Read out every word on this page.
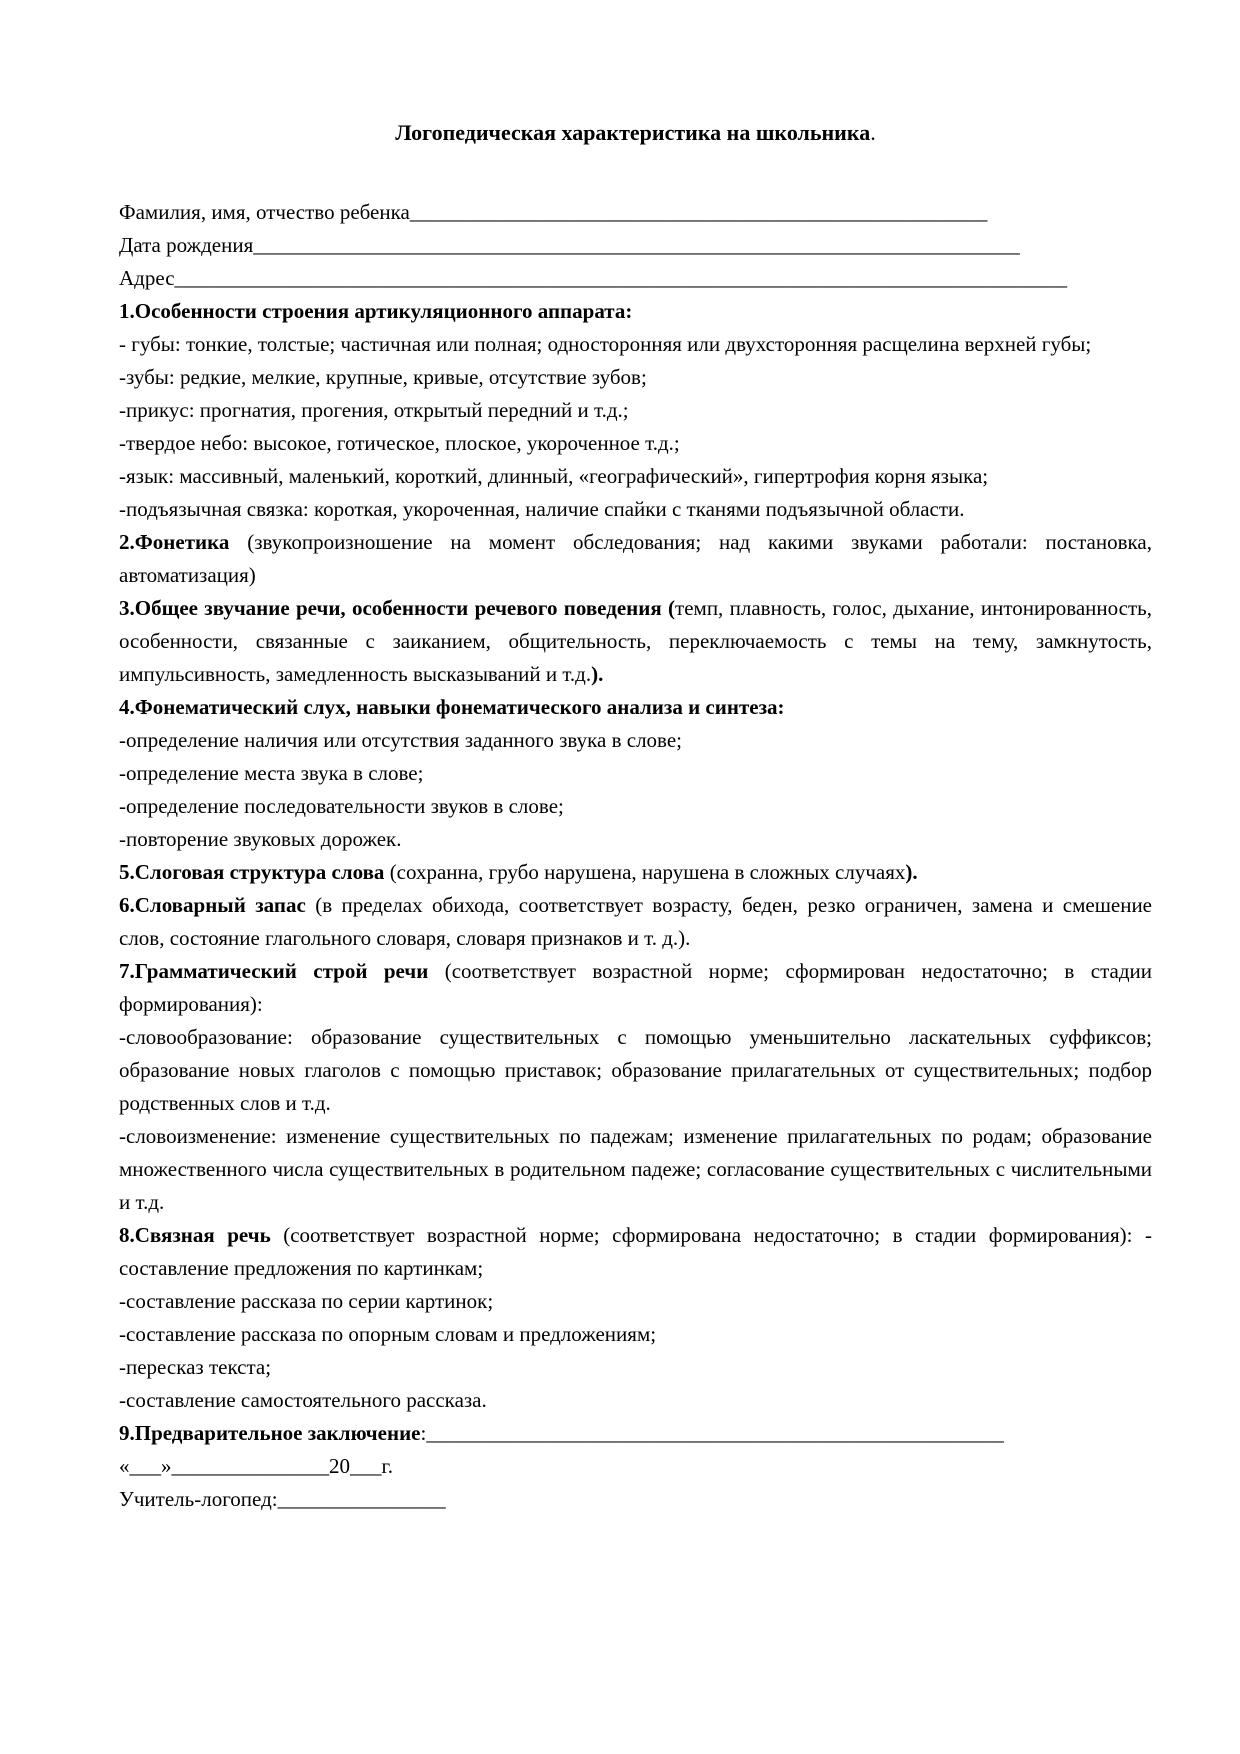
Логопедическая характеристика на школьника.

Фамилия, имя, отчество ребенка_______________________________________________________

Дата рождения_________________________________________________________________________

Адрес_____________________________________________________________________________________

1.Особенности строения артикуляционного аппарата:

- губы: тонкие, толстые; частичная или полная; односторонняя или двухсторонняя расщелина верхней губы;

-зубы: редкие, мелкие, крупные, кривые, отсутствие зубов;

-прикус: прогнатия, прогения, открытый передний и т.д.;

-твердое небо: высокое, готическое, плоское, укороченное т.д.;

-язык: массивный, маленький, короткий, длинный, «географический», гипертрофия корня языка;

-подъязычная связка: короткая, укороченная, наличие спайки с тканями подъязычной области.

2.Фонетика (звукопроизношение на момент обследования; над какими звуками работали: постановка, автоматизация)

3.Общее звучание речи, особенности речевого поведения (темп, плавность, голос, дыхание, интонированность, особенности, связанные с заиканием, общительность, переключаемость с темы на тему, замкнутость, импульсивность, замедленность высказываний и т.д.).

4.Фонематический слух, навыки фонематического анализа и синтеза:

-определение наличия или отсутствия заданного звука в слове;

-определение места звука в слове;

-определение последовательности звуков в слове;

-повторение звуковых дорожек.

5.Слоговая структура слова (сохранна, грубо нарушена, нарушена в сложных случаях).

6.Словарный запас (в пределах обихода, соответствует возрасту, беден, резко ограничен, замена и смешение слов, состояние глагольного словаря, словаря признаков и т. д.).

7.Грамматический строй речи (соответствует возрастной норме; сформирован недостаточно; в стадии формирования):

-словообразование: образование существительных с помощью уменьшительно ласкательных суффиксов; образование новых глаголов с помощью приставок; образование прилагательных от существительных; подбор родственных слов и т.д.

-словоизменение: изменение существительных по падежам; изменение прилагательных по родам; образование множественного числа существительных в родительном падеже; согласование существительных с числительными и т.д.

8.Связная речь (соответствует возрастной норме; сформирована недостаточно; в стадии формирования): - составление предложения по картинкам;

-составление рассказа по серии картинок;

-составление рассказа по опорным словам и предложениям;

-пересказ текста;

-составление самостоятельного рассказа.

9.Предварительное заключение:_______________________________________________________

«___»_______________20___г.

Учитель-логопед:________________
